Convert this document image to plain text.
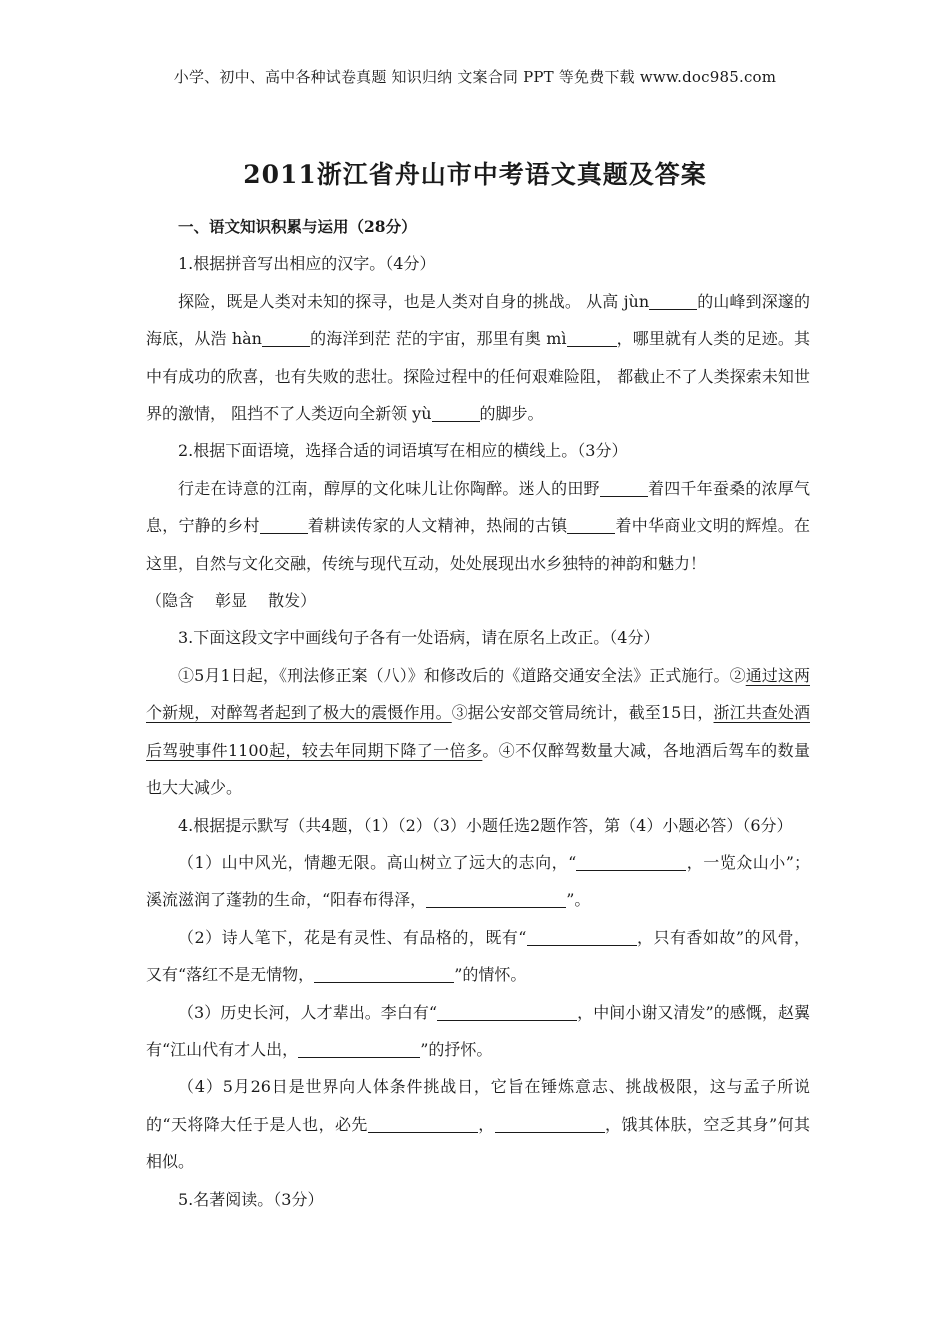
小学、初中、高中各种试卷真题 知识归纳 文案合同 PPT 等免费下载 www.doc985.com
2011浙江省舟山市中考语文真题及答案

一、语文知识积累与运用（28分）

1.根据拼音写出相应的汉字。（4分）

探险，既是人类对未知的探寻，也是人类对自身的挑战。 从高 jùn	的山峰到深邃的海底，从浩 hàn	的海洋到茫 茫的宇宙，那里有奥 mì	，哪里就有人类的足迹。其中有成功的欣喜，也有失败的悲壮。探险过程中的任何艰难险阻， 都截止不了人类探索未知世界的激情， 阻挡不了人类迈向全新领 yù	的脚步。

2.根据下面语境，选择合适的词语填写在相应的横线上。（3分）

行走在诗意的江南，醇厚的文化味儿让你陶醉。迷人的田野	着四千年蚕桑的浓厚气息，宁静的乡村	着耕读传家的人文精神，热闹的古镇	着中华商业文明的辉煌。在这里，自然与文化交融，传统与现代互动，处处展现出水乡独特的神韵和魅力！

（隐含　 彰显　 散发）

3.下面这段文字中画线句子各有一处语病，请在原名上改正。（4分）

①5月1日起，《刑法修正案（八）》和修改后的《道路交通安全法》正式施行。②通过这两个新规，对醉驾者起到了极大的震慑作用。③据公安部交管局统计，截至15日，浙江共查处酒后驾驶事件1100起，较去年同期下降了一倍多。④不仅醉驾数量大减，各地酒后驾车的数量也大大减少。

4.根据提示默写（共4题，（1）（2）（3）小题任选2题作答，第（4）小题必答）（6分）

（1）山中风光，情趣无限。高山树立了远大的志向，“	，一览众山小”；溪流滋润了蓬勃的生命，“阳春布得泽，	”。

（2）诗人笔下，花是有灵性、有品格的，既有“	，只有香如故”的风骨，又有“落红不是无情物，	”的情怀。

（3）历史长河，人才辈出。李白有“	，中间小谢又清发”的感慨，赵翼有“江山代有才人出，	”的抒怀。

（4）5月26日是世界向人体条件挑战日，它旨在锤炼意志、挑战极限，这与孟子所说的“天将降大任于是人也，必先	，	，饿其体肤，空乏其身”何其相似。

5.名著阅读。（3分）
